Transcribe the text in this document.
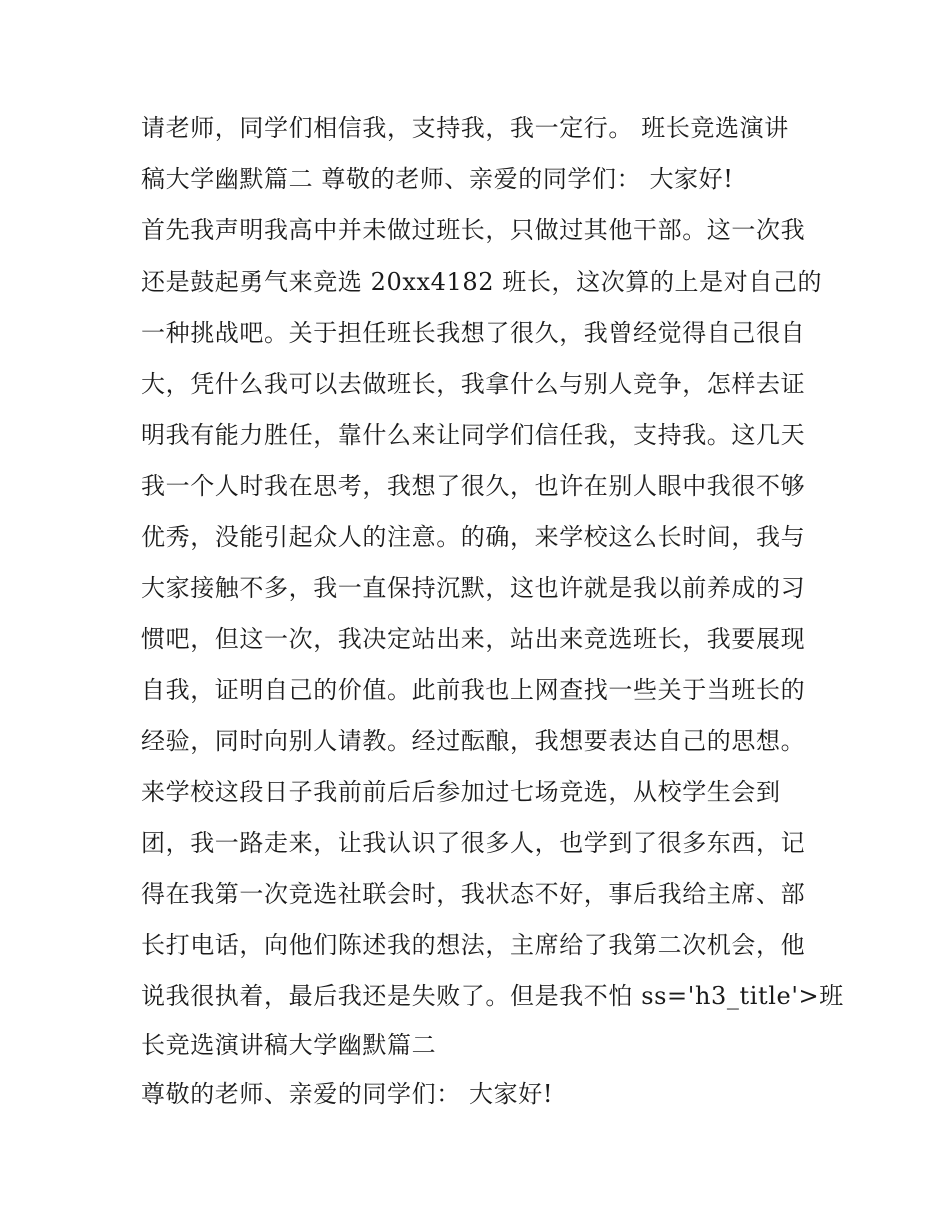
请老师，同学们相信我，支持我，我一定行。 班长竞选演讲
稿大学幽默篇二 尊敬的老师、亲爱的同学们： 大家好!
首先我声明我高中并未做过班长，只做过其他干部。这一次我
还是鼓起勇气来竞选 20xx4182 班长，这次算的上是对自己的
一种挑战吧。关于担任班长我想了很久，我曾经觉得自己很自
大，凭什么我可以去做班长，我拿什么与别人竞争，怎样去证
明我有能力胜任，靠什么来让同学们信任我，支持我。这几天
我一个人时我在思考，我想了很久，也许在别人眼中我很不够
优秀，没能引起众人的注意。的确，来学校这么长时间，我与
大家接触不多，我一直保持沉默，这也许就是我以前养成的习
惯吧，但这一次，我决定站出来，站出来竞选班长，我要展现
自我，证明自己的价值。此前我也上网查找一些关于当班长的
经验，同时向别人请教。经过酝酿，我想要表达自己的思想。
来学校这段日子我前前后后参加过七场竞选，从校学生会到
团，我一路走来，让我认识了很多人，也学到了很多东西，记
得在我第一次竞选社联会时，我状态不好，事后我给主席、部
长打电话，向他们陈述我的想法，主席给了我第二次机会，他
说我很执着，最后我还是失败了。但是我不怕 ss='h3_title'>班
长竞选演讲稿大学幽默篇二
尊敬的老师、亲爱的同学们： 大家好!
